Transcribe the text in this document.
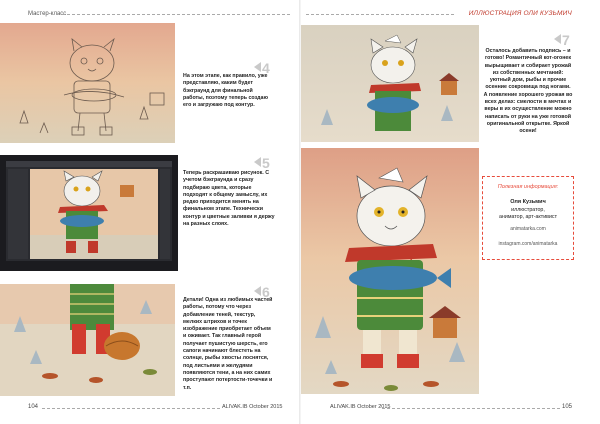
Мастер-класс	ИЛЛЮСТРАЦИЯ ОЛИ КУЗЬМИЧ
4
На этом этапе, как правило, уже представляю, каким будет бэкграунд для финальной работы, поэтому теперь создаю его и загружаю под контур.
5
Теперь раскрашиваю рисунок. С учетом бэкграунда и сразу подбираю цвета, которые подходят к общему замыслу, их редко приходится менять на финальном этапе. Технически контур и цветные заливки я держу на разных слоях.
6
Детали! Одна из любимых частей работы, потому что через добавление теней, текстур, мелких штрихов и точек изображение приобретает объем и оживает. Так главный герой получает пушистую шерсть, его сапоги начинают блестеть на солнце, рыбы хвосты лоснятся, под листьями и желудями появляются тени, а на них самих проступают потертости-точечки и т.п.
7
Осталось добавить подпись – и готово! Романтичный кот-огонек вырыщивает и собирает урожай из собственных мечтаний: уютный дом, рыбы и прочие осенние сокровища под ногами. А появление хорошего урожая во всех делах: смелости в мечтах и веры в их осуществление можно написать от руки на уже готовой оригинальной открытке. Яркой осени!
Полезная информация:
Оля Кузьмич
иллюстратор,
аниматор, арт-активист
animatarka.com
instagram.com/animatarka
104	ALIVAK.IB October 2015	ALIVAK.IB October 2015	105
